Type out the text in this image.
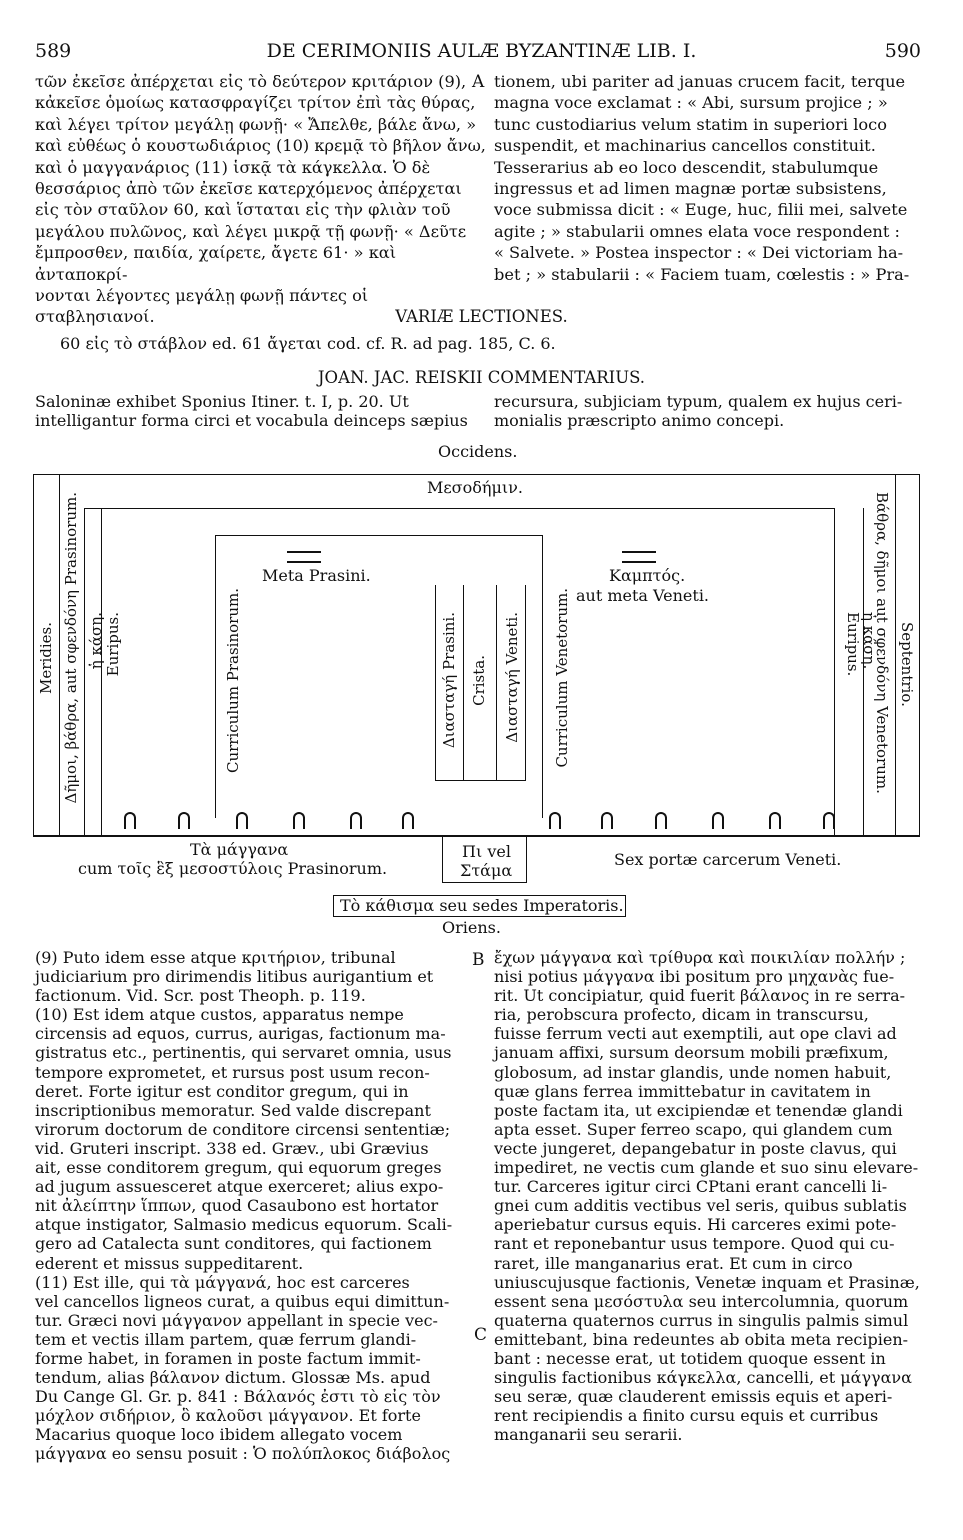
589	DE CERIMONIIS AULÆ BYZANTINÆ LIB. I.	590

τῶν ἐκεῖσε ἀπέρχεται εἰς τὸ δεύτερον κριτάριον (9),

κἀκεῖσε ὁμοίως κατασφραγίζει τρίτον ἐπὶ τὰς θύρας,

καὶ λέγει τρίτον μεγάλῃ φωνῇ· « Ἄπελθε, βάλε ἄνω, »

καὶ εὐθέως ὁ κουστωδιάριος (10) κρεμᾷ τὸ βῆλον ἄνω,

καὶ ὁ μαγγανάριος (11) ἱσκᾷ τὰ κάγκελλα. Ὁ δὲ

θεσσάριος ἀπὸ τῶν ἐκεῖσε κατερχόμενος ἀπέρχεται

εἰς τὸν σταῦλον 60, καὶ ἵσταται εἰς τὴν φλιὰν τοῦ

μεγάλου πυλῶνος, καὶ λέγει μικρᾷ τῇ φωνῇ· « Δεῦτε

ἔμπροσθεν, παιδία, χαίρετε, ἄγετε 61· » καὶ ἀνταποκρί-

νονται λέγοντες μεγάλῃ φωνῇ πάντες οἱ σταβλησιανοί.

A tionem, ubi pariter ad januas crucem facit, terque

magna voce exclamat : « Abi, sursum projice ; »

tunc custodiarius velum statim in superiori loco

suspendit, et machinarius cancellos constituit.

Tesserarius ab eo loco descendit, stabulumque

ingressus et ad limen magnæ portæ subsistens,

voce submissa dicit : « Euge, huc, filii mei, salvete

agite ; » stabularii omnes elata voce respondent :

« Salvete. » Postea inspector : « Dei victoriam ha-

bet ; » stabularii : « Faciem tuam, cœlestis : » Pra-

VARIÆ LECTIONES.
60 εἰς τὸ στάβλον ed. 61 ἄγεται cod. cf. R. ad pag. 185, C. 6.
JOAN. JAC. REISKII COMMENTARIUS.
Saloninæ exhibet Sponius Itiner. t. I, p. 20. Ut
intelligantur forma circi et vocabula deinceps sæpius
recursura, subjiciam typum, qualem ex hujus ceri-
monialis præscripto animo concepi.
Occidens.
Μεσοδήμιν.
Δῆμοι, βάθρα, aut σφενδόνη Prasinorum.
Meridies. ἡ κάση. Euripus.	Curriculum Prasinorum.	Διασταγή Prasini. Crista. Διασταγή Veneti. Curriculum Venetorum.	Euripus. Βάθρα, δῆμοι aut σφενδόνη Venetorum.
ἡ κάση. Septentrio.
Meta Prasini.	Καμπτός.
aut meta Veneti.
Τὰ μάγγανα
cum τοῖς ἓξ μεσοστύλοις Prasinorum.
Πι vel
Στάμα
Sex portæ carcerum Veneti.
Τὸ κάθισμα seu sedes Imperatoris.
Oriens.

(9) Puto idem esse atque κριτήριον, tribunal

judiciarium pro dirimendis litibus aurigantium et

factionum. Vid. Scr. post Theoph. p. 119.

(10) Est idem atque custos, apparatus nempe

circensis ad equos, currus, aurigas, factionum ma-

gistratus etc., pertinentis, qui servaret omnia, usus

tempore exprometet, et rursus post usum recon-

deret. Forte igitur est conditor gregum, qui in

inscriptionibus memoratur. Sed valde discrepant

virorum doctorum de conditore circensi sententiæ;

vid. Gruteri inscript. 338 ed. Græv., ubi Grævius

ait, esse conditorem gregum, qui equorum greges

ad jugum assuesceret atque exerceret; alius expo-

nit ἀλείπτην ἵππων, quod Casaubono est hortator

atque instigator, Salmasio medicus equorum. Scali-

gero ad Catalecta sunt conditores, qui factionem

ederent et missus suppeditarent.

(11) Est ille, qui τὰ μάγγανά, hoc est carceres

vel cancellos ligneos curat, a quibus equi dimittun-

tur. Græci novi μάγγανον appellant in specie vec-

tem et vectis illam partem, quæ ferrum glandi-

forme habet, in foramen in poste factum immit-

tendum, alias βάλανον dictum. Glossæ Ms. apud

Du Cange Gl. Gr. p. 841 : Βάλανός ἐστι τὸ εἰς τὸν

μόχλον σιδήριον, ὃ καλοῦσι μάγγανον. Et forte

Macarius quoque loco ibidem allegato vocem

μάγγανα eo sensu posuit : Ὁ πολύπλοκος διάβολος

B
C

ἔχων μάγγανα καὶ τρίθυρα καὶ ποικιλίαν πολλήν ;

nisi potius μάγγανα ibi positum pro μηχανὰς fue-

rit. Ut concipiatur, quid fuerit βάλανος in re serra-

ria, perobscura profecto, dicam in transcursu,

fuisse ferrum vecti aut exemptili, aut ope clavi ad

januam affixi, sursum deorsum mobili præfixum,

globosum, ad instar glandis, unde nomen habuit,

quæ glans ferrea immittebatur in cavitatem in

poste factam ita, ut excipiendæ et tenendæ glandi

apta esset. Super ferreo scapo, qui glandem cum

vecte jungeret, depangebatur in poste clavus, qui

impediret, ne vectis cum glande et suo sinu elevare-

tur. Carceres igitur circi CPtani erant cancelli li-

gnei cum additis vectibus vel seris, quibus sublatis

aperiebatur cursus equis. Hi carceres eximi pote-

rant et reponebantur usus tempore. Quod qui cu-

raret, ille manganarius erat. Et cum in circo

uniuscujusque factionis, Venetæ inquam et Prasinæ,

essent sena μεσόστυλα seu intercolumnia, quorum

quaterna quaternos currus in singulis palmis simul

emittebant, bina redeuntes ab obita meta recipien-

bant : necesse erat, ut totidem quoque essent in

singulis factionibus κάγκελλα, cancelli, et μάγγανα

seu seræ, quæ clauderent emissis equis et aperi-

rent recipiendis a finito cursu equis et curribus

manganarii seu serarii.
